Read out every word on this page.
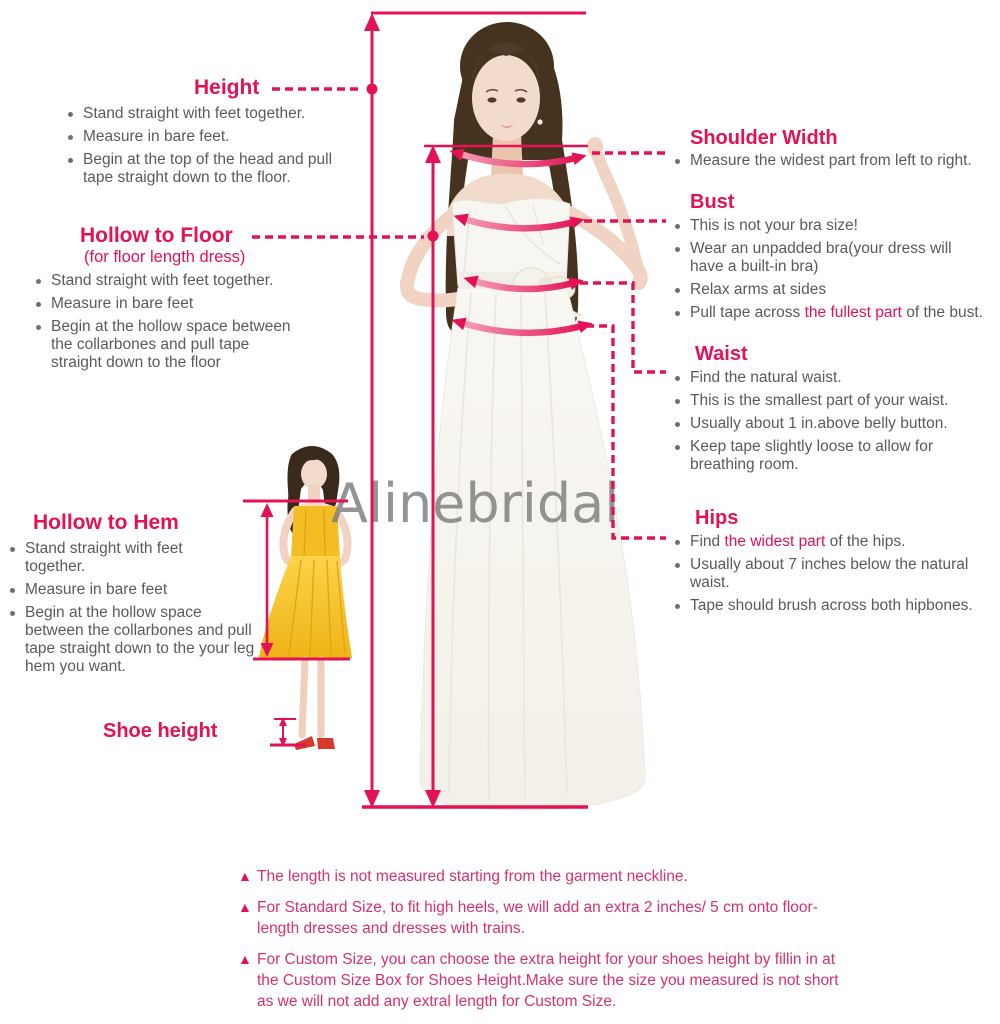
Alinebridal
Height
Stand straight with feet together.
Measure in bare feet.
Begin at the top of the head and pull tape straight down to the floor.
Hollow to Floor

(for floor length dress)

Stand straight with feet together.
Measure in bare feet
Begin at the hollow space between the collarbones and pull tape straight down to the floor
Shoulder Width
Measure the widest part from left to right.
Bust
This is not your bra size!
Wear an unpadded bra(your dress will have a built-in bra)
Relax arms at sides
Pull tape across the fullest part of the bust.
Waist
Find the natural waist.
This is the smallest part of your waist.
Usually about 1 in.above belly button.
Keep tape slightly loose to allow for breathing room.
Hips
Find the widest part of the hips.
Usually about 7 inches below the natural waist.
Tape should brush across both hipbones.
Hollow to Hem
Stand straight with feet together.
Measure in bare feet
Begin at the hollow space between the collarbones and pull tape straight down to the your leg hem you want.
Shoe height
▲ The length is not measured starting from the garment neckline.
▲ For Standard Size, to fit high heels, we will add an extra 2 inches/ 5 cm onto floor-length dresses and dresses with trains.
▲ For Custom Size, you can choose the extra height for your shoes height by fillin in at the Custom Size Box for Shoes Height.Make sure the size you measured is not short as we will not add any extral length for Custom Size.
